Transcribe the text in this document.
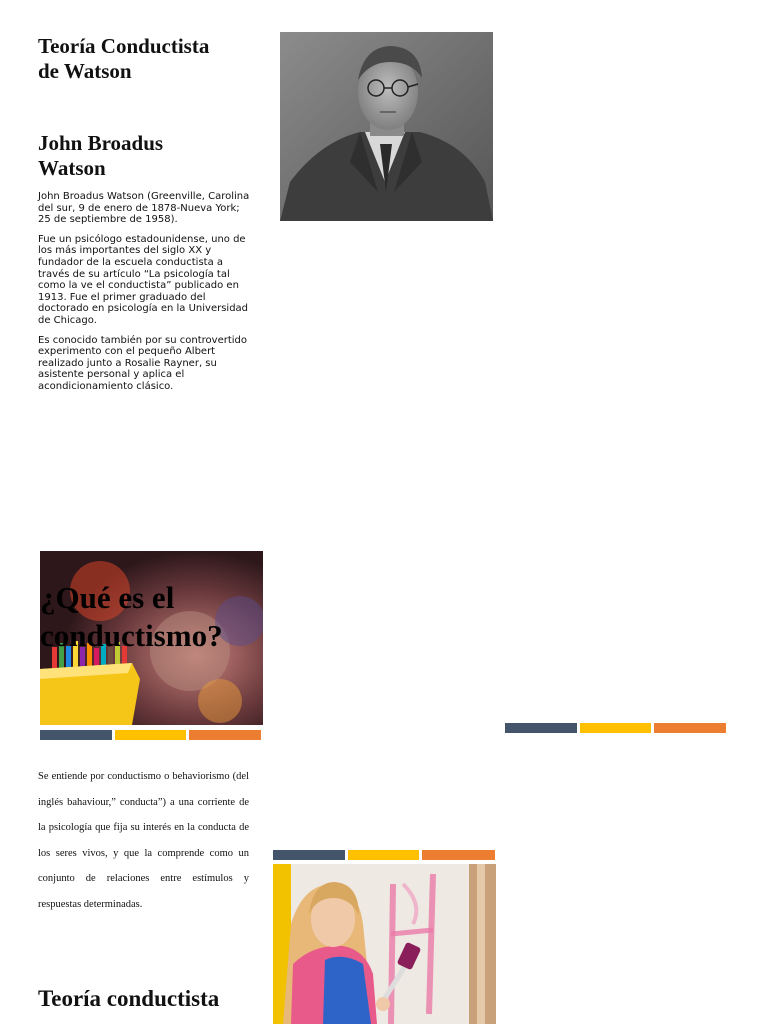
Teoría Conductista

de Watson

John Broadus

Watson

John Broadus Watson (Greenville, Carolina del sur, 9 de enero de 1878-Nueva York; 25 de septiembre de 1958).

Fue un psicólogo estadounidense, uno de los más importantes del siglo XX y fundador de la escuela conductista a través de su artículo “La psicología tal como la ve el conductista” publicado en 1913. Fue el primer graduado del doctorado en psicología en la Universidad de Chicago.

Es conocido también por su controvertido experimento con el pequeño Albert realizado junto a Rosalie Rayner, su asistente personal y aplica el acondicionamiento clásico.

¿Qué es el
conductismo?
Se entiende por conductismo o behaviorismo (del inglés bahaviour,” conducta”) a una corriente de la psicología que fija su interés en la conducta de los seres vivos, y que la comprende como un conjunto de relaciones entre estímulos y respuestas determinadas.

Teoría conductista
